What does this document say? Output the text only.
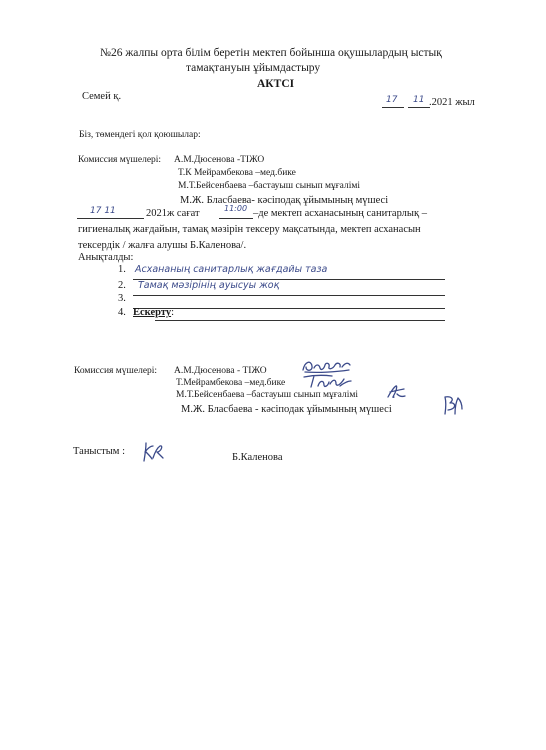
№26 жалпы орта білім беретін мектеп бойынша оқушылардың ыстық
тамақтануын ұйымдастыру
АКТСІ
Семей қ.	17 11 .2021 жыл
Біз, төмендегі қол қоюшылар:
Комиссия мүшелері: А.М.Дюсенова -ТІЖО
Т.К Мейрамбекова –мед.бике
М.Т.Бейсенбаева –бастауыш сынып мұғалімі
М.Ж. Бласбаева- кәсіподақ ұйымының мүшесі
17 11	2021ж сағат	11:00 –де мектеп асханасының санитарлық –
гигиеналық жағдайын, тамақ мәзірін тексеру мақсатында, мектеп асханасын
тексердік / жалға алушы Б.Каленова/.
Анықталды:
1. Асхананың санитарлық жағдайы таза
2. Тамақ мәзірінің ауысуы жоқ
3.
4. Ескерту:
Комиссия мүшелері: А.М.Дюсенова - ТІЖО
Т.Мейрамбекова –мед.бике
М.Т.Бейсенбаева –бастауыш сынып мұғалімі
М.Ж. Бласбаева - кәсіподак ұйымының мүшесі
Таныстым :
Б.Каленова
